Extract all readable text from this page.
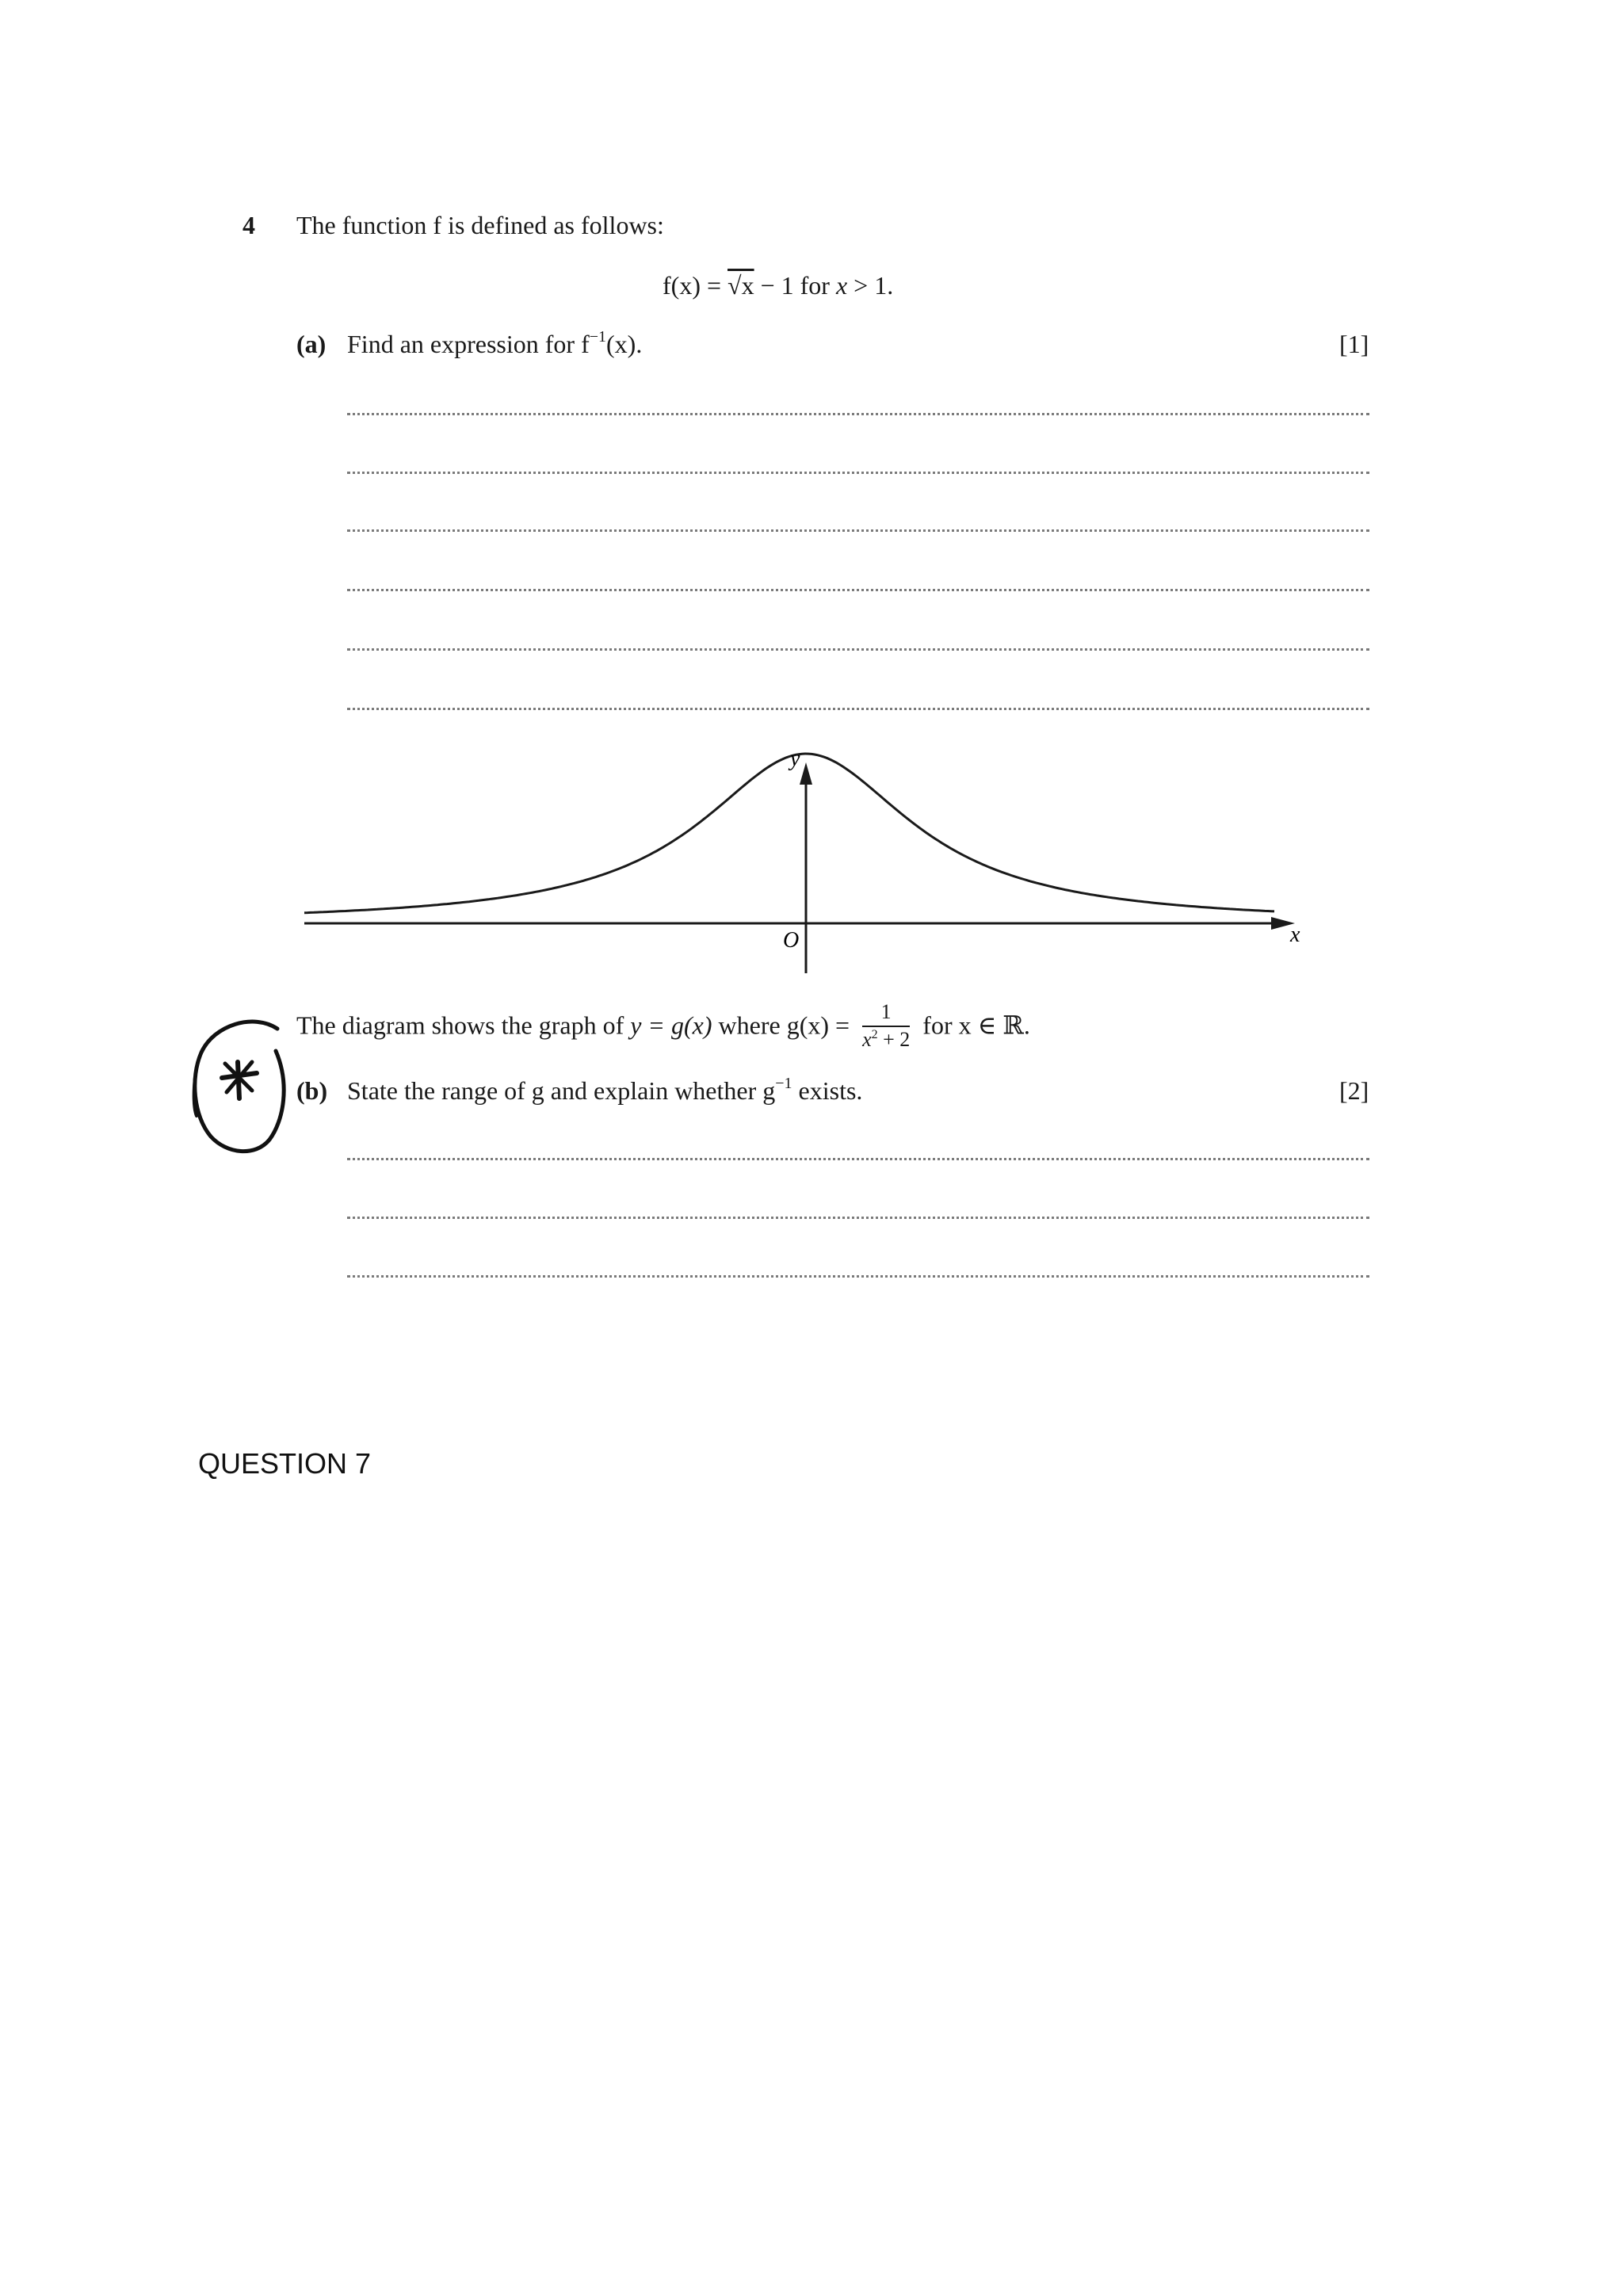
4 The function f is defined as follows:
f(x) = √x − 1 for x > 1.
(a) Find an expression for $f^{-1}(x)$.	[1]
y
x
O
The diagram shows the graph of y = g(x) where $g(x) = \frac{1}{x^2 + 2}$ for x ∈ ℝ.
(b) State the range of g and explain whether $g^{-1}$ exists.	[2]
QUESTION 7
